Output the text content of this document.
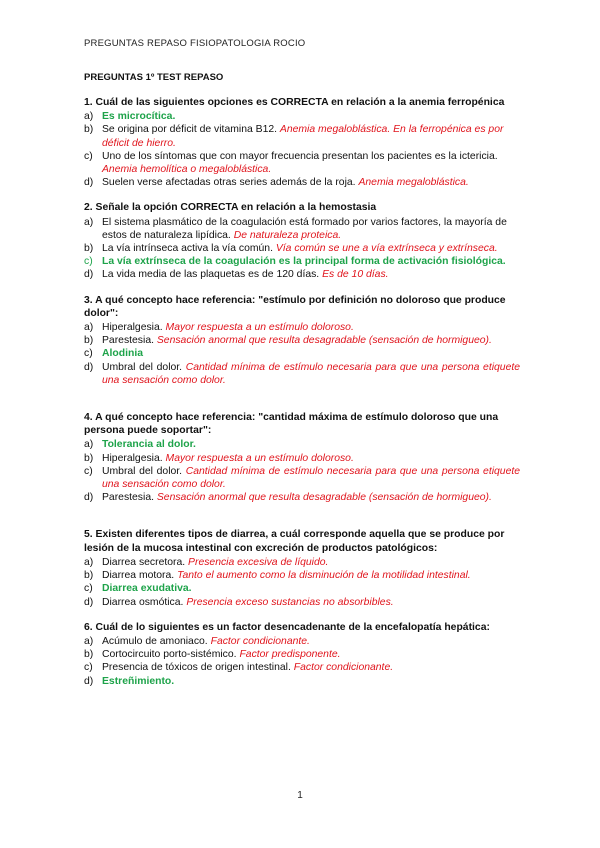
PREGUNTAS REPASO FISIOPATOLOGIA ROCIO
PREGUNTAS 1º TEST REPASO
1. Cuál de las siguientes opciones es CORRECTA en relación a la anemia ferropénica
a) Es microcítica.
b) Se origina por déficit de vitamina B12. Anemia megaloblástica. En la ferropénica es por déficit de hierro.
c) Uno de los síntomas que con mayor frecuencia presentan los pacientes es la ictericia. Anemia hemolítica o megaloblástica.
d) Suelen verse afectadas otras series además de la roja. Anemia megaloblástica.
2. Señale la opción CORRECTA en relación a la hemostasia
a) El sistema plasmático de la coagulación está formado por varios factores, la mayoría de estos de naturaleza lipídica. De naturaleza proteica.
b) La vía intrínseca activa la vía común. Vía común se une a vía extrínseca y extrínseca.
c) La vía extrínseca de la coagulación es la principal forma de activación fisiológica.
d) La vida media de las plaquetas es de 120 días. Es de 10 días.
3. A qué concepto hace referencia: "estímulo por definición no doloroso que produce dolor":
a) Hiperalgesia. Mayor respuesta a un estímulo doloroso.
b) Parestesia. Sensación anormal que resulta desagradable (sensación de hormigueo).
c) Alodinia
d) Umbral del dolor. Cantidad mínima de estímulo necesaria para que una persona etiquete una sensación como dolor.
4. A qué concepto hace referencia: "cantidad máxima de estímulo doloroso que una persona puede soportar":
a) Tolerancia al dolor.
b) Hiperalgesia. Mayor respuesta a un estímulo doloroso.
c) Umbral del dolor. Cantidad mínima de estímulo necesaria para que una persona etiquete una sensación como dolor.
d) Parestesia. Sensación anormal que resulta desagradable (sensación de hormigueo).
5. Existen diferentes tipos de diarrea, a cuál corresponde aquella que se produce por lesión de la mucosa intestinal con excreción de productos patológicos:
a) Diarrea secretora. Presencia excesiva de líquido.
b) Diarrea motora. Tanto el aumento como la disminución de la motilidad intestinal.
c) Diarrea exudativa.
d) Diarrea osmótica. Presencia exceso sustancias no absorbibles.
6. Cuál de lo siguientes es un factor desencadenante de la encefalopatía hepática:
a) Acúmulo de amoniaco. Factor condicionante.
b) Cortocircuito porto-sistémico. Factor predisponente.
c) Presencia de tóxicos de origen intestinal. Factor condicionante.
d) Estreñimiento.
1
